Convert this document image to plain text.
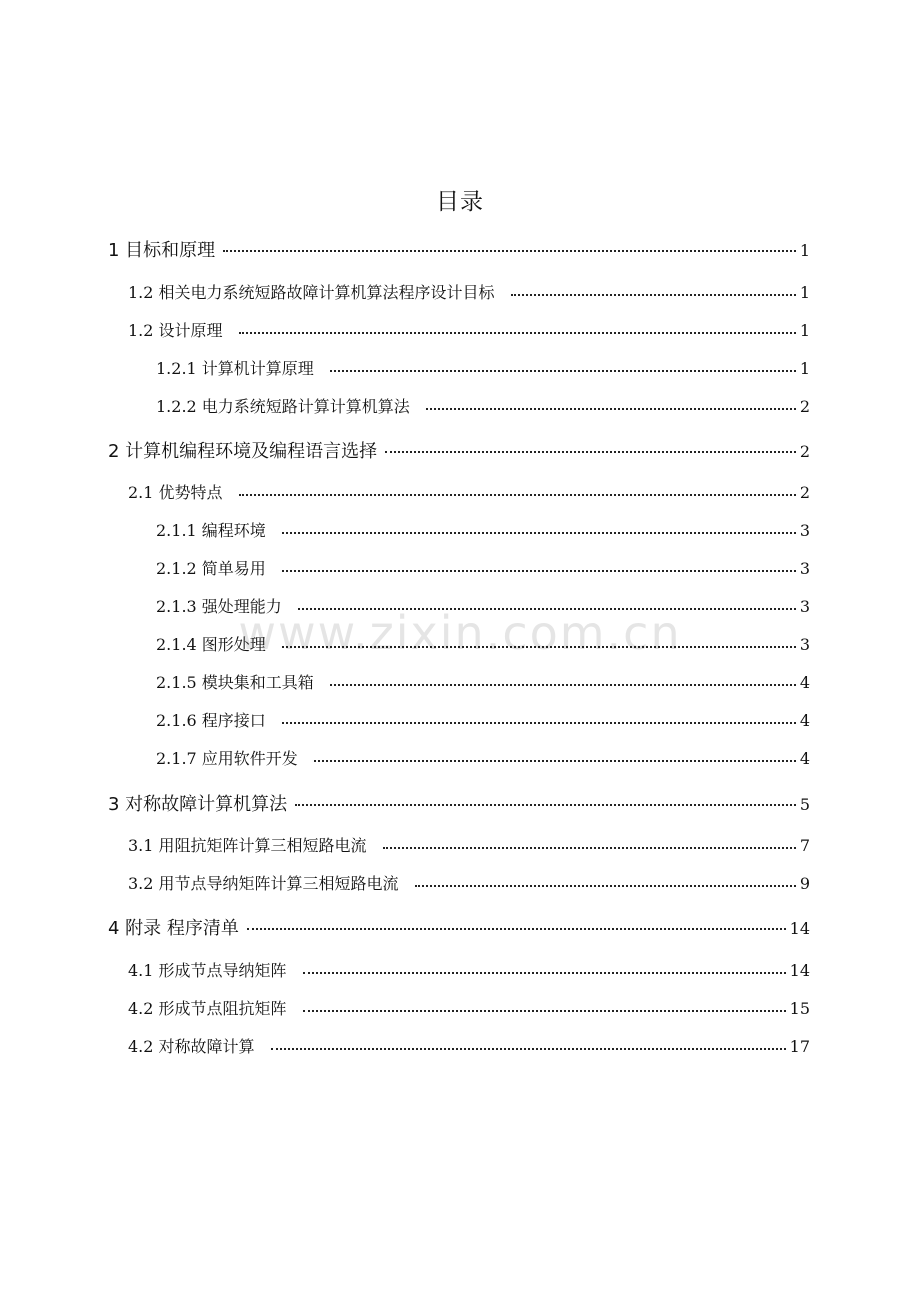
www.zixin.com.cn
目录
1 目标和原理	1
1.2 相关电力系统短路故障计算机算法程序设计目标	1
1.2 设计原理	1
1.2.1 计算机计算原理	1
1.2.2 电力系统短路计算计算机算法	2
2 计算机编程环境及编程语言选择	2
2.1 优势特点	2
2.1.1 编程环境	3
2.1.2 简单易用	3
2.1.3 强处理能力	3
2.1.4 图形处理	3
2.1.5 模块集和工具箱	4
2.1.6 程序接口	4
2.1.7 应用软件开发	4
3 对称故障计算机算法	5
3.1 用阻抗矩阵计算三相短路电流	7
3.2 用节点导纳矩阵计算三相短路电流	9
4 附录 程序清单	14
4.1 形成节点导纳矩阵	14
4.2 形成节点阻抗矩阵	15
4.2 对称故障计算	17
